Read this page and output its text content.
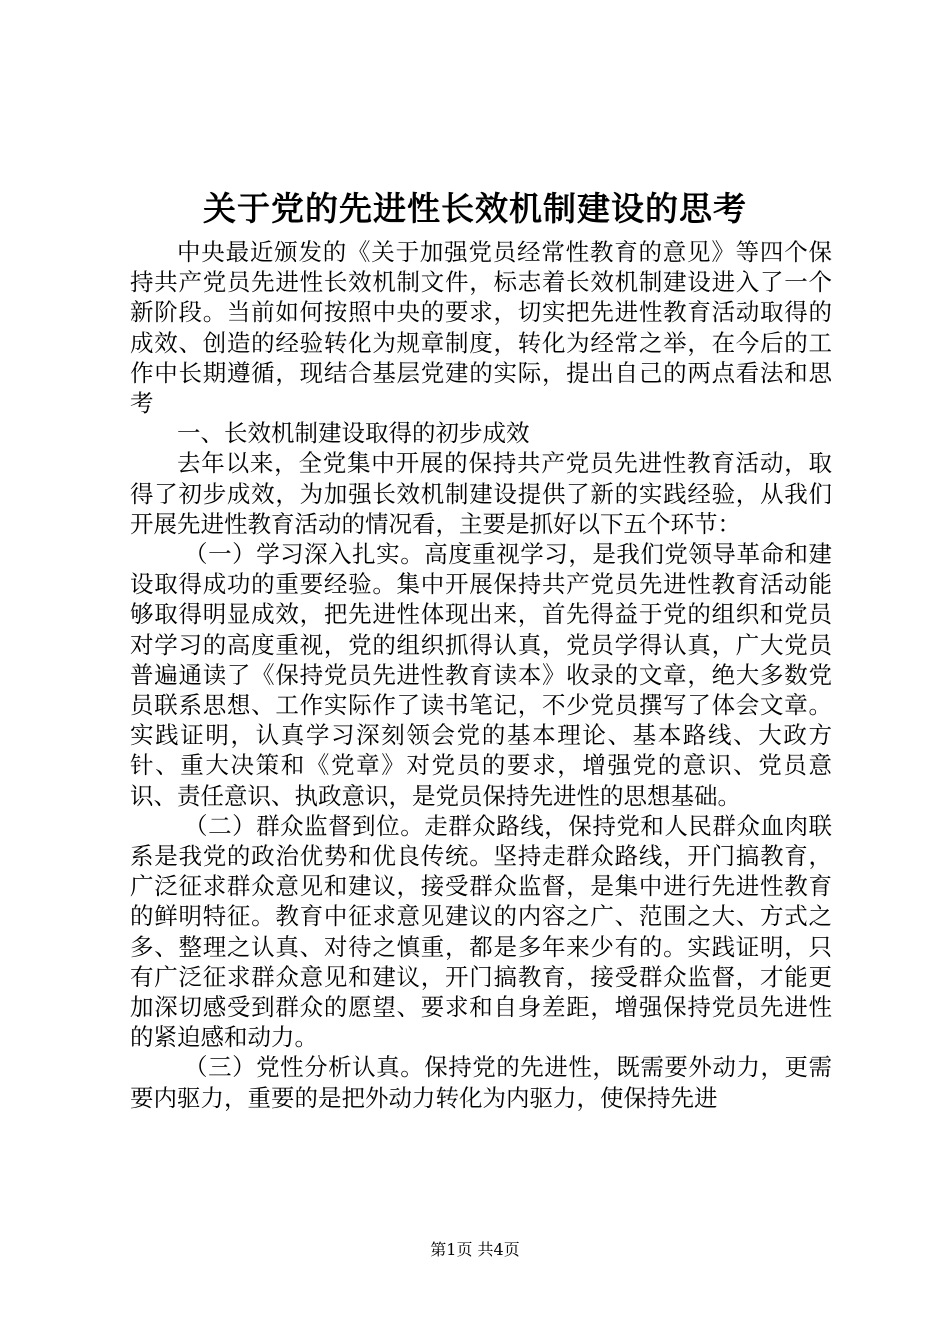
关于党的先进性长效机制建设的思考

中央最近颁发的《关于加强党员经常性教育的意见》等四个保持共产党员先进性长效机制文件，标志着长效机制建设进入了一个新阶段。当前如何按照中央的要求，切实把先进性教育活动取得的成效、创造的经验转化为规章制度，转化为经常之举，在今后的工作中长期遵循，现结合基层党建的实际，提出自己的两点看法和思考

一、长效机制建设取得的初步成效

去年以来，全党集中开展的保持共产党员先进性教育活动，取得了初步成效，为加强长效机制建设提供了新的实践经验，从我们开展先进性教育活动的情况看，主要是抓好以下五个环节：

（一）学习深入扎实。高度重视学习，是我们党领导革命和建设取得成功的重要经验。集中开展保持共产党员先进性教育活动能够取得明显成效，把先进性体现出来，首先得益于党的组织和党员对学习的高度重视，党的组织抓得认真，党员学得认真，广大党员普遍通读了《保持党员先进性教育读本》收录的文章，绝大多数党员联系思想、工作实际作了读书笔记，不少党员撰写了体会文章。实践证明，认真学习深刻领会党的基本理论、基本路线、大政方针、重大决策和《党章》对党员的要求，增强党的意识、党员意识、责任意识、执政意识，是党员保持先进性的思想基础。

（二）群众监督到位。走群众路线，保持党和人民群众血肉联系是我党的政治优势和优良传统。坚持走群众路线，开门搞教育，广泛征求群众意见和建议，接受群众监督，是集中进行先进性教育的鲜明特征。教育中征求意见建议的内容之广、范围之大、方式之多、整理之认真、对待之慎重，都是多年来少有的。实践证明，只有广泛征求群众意见和建议，开门搞教育，接受群众监督，才能更加深切感受到群众的愿望、要求和自身差距，增强保持党员先进性的紧迫感和动力。

（三）党性分析认真。保持党的先进性，既需要外动力，更需要内驱力，重要的是把外动力转化为内驱力，使保持先进

第1页 共4页
